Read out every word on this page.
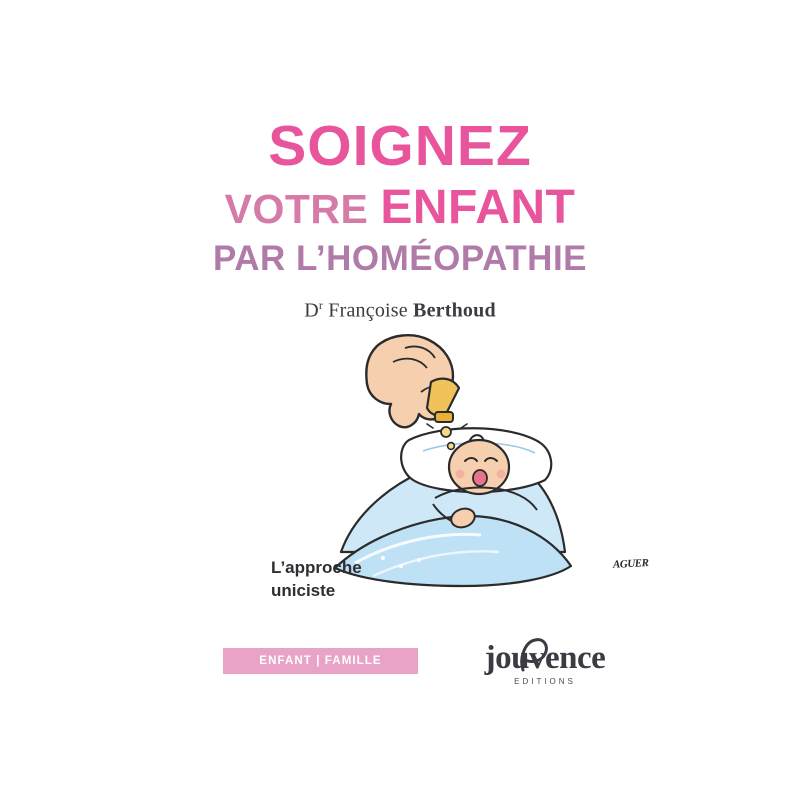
SOIGNEZ
VOTRE ENFANT
PAR L’HOMÉOPATHIE
$D^r$ Françoise Berthoud
AGUER
L’approche
uniciste
ENFANT | FAMILLE	jouvence
EDITIONS
